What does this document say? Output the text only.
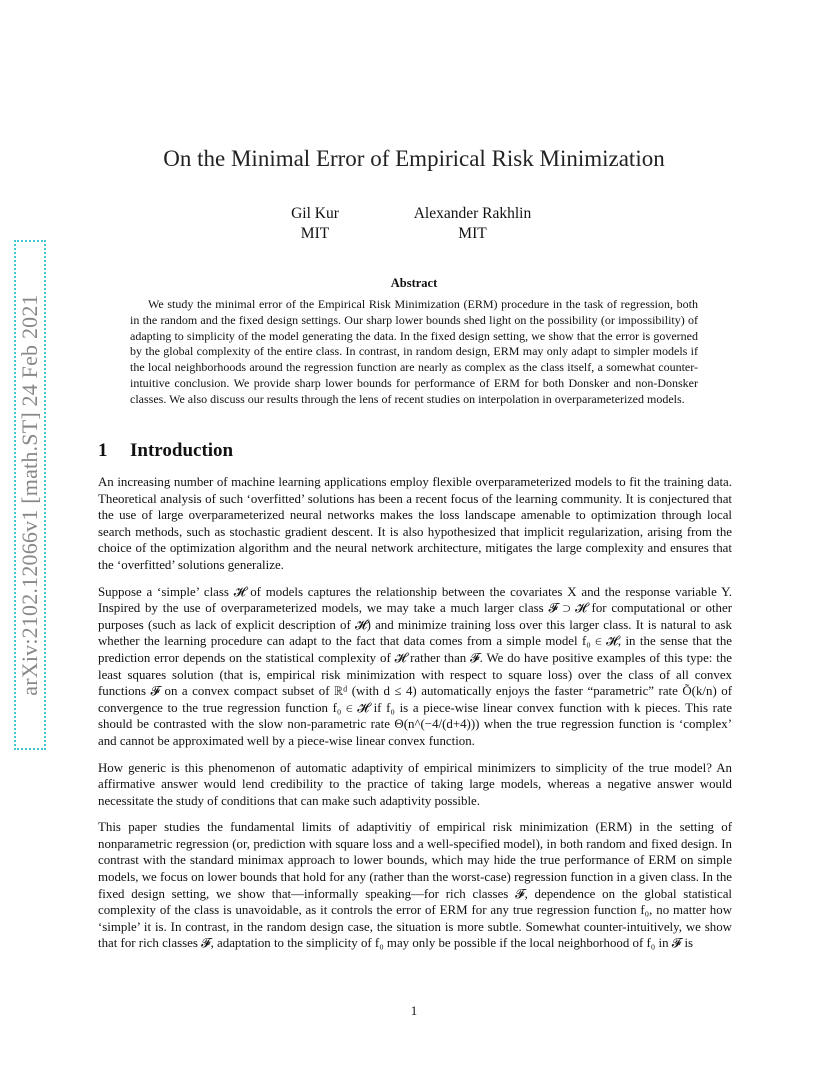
arXiv:2102.12066v1 [math.ST] 24 Feb 2021
On the Minimal Error of Empirical Risk Minimization
Gil Kur
MIT
Alexander Rakhlin
MIT
Abstract
We study the minimal error of the Empirical Risk Minimization (ERM) procedure in the task of regression, both in the random and the fixed design settings. Our sharp lower bounds shed light on the possibility (or impossibility) of adapting to simplicity of the model generating the data. In the fixed design setting, we show that the error is governed by the global complexity of the entire class. In contrast, in random design, ERM may only adapt to simpler models if the local neighborhoods around the regression function are nearly as complex as the class itself, a somewhat counter-intuitive conclusion. We provide sharp lower bounds for performance of ERM for both Donsker and non-Donsker classes. We also discuss our results through the lens of recent studies on interpolation in overparameterized models.
1 Introduction

An increasing number of machine learning applications employ flexible overparameterized models to fit the training data. Theoretical analysis of such ‘overfitted’ solutions has been a recent focus of the learning community. It is conjectured that the use of large overparameterized neural networks makes the loss landscape amenable to optimization through local search methods, such as stochastic gradient descent. It is also hypothesized that implicit regularization, arising from the choice of the optimization algorithm and the neural network architecture, mitigates the large complexity and ensures that the ‘overfitted’ solutions generalize.

Suppose a ‘simple’ class 𝓗 of models captures the relationship between the covariates X and the response variable Y. Inspired by the use of overparameterized models, we may take a much larger class 𝓕 ⊃ 𝓗 for computational or other purposes (such as lack of explicit description of 𝓗) and minimize training loss over this larger class. It is natural to ask whether the learning procedure can adapt to the fact that data comes from a simple model f₀ ∈ 𝓗, in the sense that the prediction error depends on the statistical complexity of 𝓗 rather than 𝓕. We do have positive examples of this type: the least squares solution (that is, empirical risk minimization with respect to square loss) over the class of all convex functions 𝓕 on a convex compact subset of ℝᵈ (with d ≤ 4) automatically enjoys the faster “parametric” rate Õ(k/n) of convergence to the true regression function f₀ ∈ 𝓗 if f₀ is a piece-wise linear convex function with k pieces. This rate should be contrasted with the slow non-parametric rate Θ(n^(−4/(d+4))) when the true regression function is ‘complex’ and cannot be approximated well by a piece-wise linear convex function.

How generic is this phenomenon of automatic adaptivity of empirical minimizers to simplicity of the true model? An affirmative answer would lend credibility to the practice of taking large models, whereas a negative answer would necessitate the study of conditions that can make such adaptivity possible.

This paper studies the fundamental limits of adaptivitiy of empirical risk minimization (ERM) in the setting of nonparametric regression (or, prediction with square loss and a well-specified model), in both random and fixed design. In contrast with the standard minimax approach to lower bounds, which may hide the true performance of ERM on simple models, we focus on lower bounds that hold for any (rather than the worst-case) regression function in a given class. In the fixed design setting, we show that—informally speaking—for rich classes 𝓕, dependence on the global statistical complexity of the class is unavoidable, as it controls the error of ERM for any true regression function f₀, no matter how ‘simple’ it is. In contrast, in the random design case, the situation is more subtle. Somewhat counter-intuitively, we show that for rich classes 𝓕, adaptation to the simplicity of f₀ may only be possible if the local neighborhood of f₀ in 𝓕 is

1
